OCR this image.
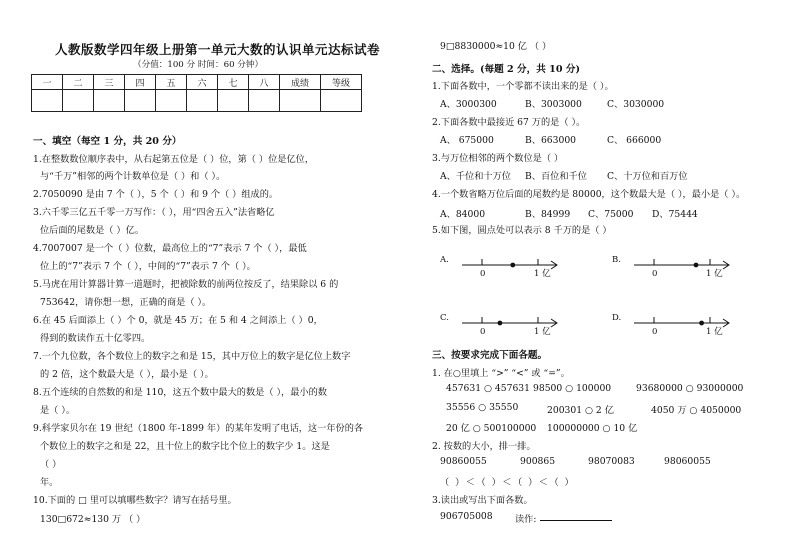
人教版数学四年级上册第一单元大数的认识单元达标试卷
（分值：100 分 时间：60 分钟）
一	二	三	四	五	六	七	八	成绩	等级

一、填空（每空 1 分，共 20 分）
1.在整数数位顺序表中，从右起第五位是（ ）位，第（ ）位是亿位，
与“千万”相邻的两个计数单位是（ ）和（ ）。
2.7050090 是由 7 个（ ），5 个（ ）和 9 个（ ）组成的。
3.六千零三亿五千零一万写作：（ ），用“四舍五入”法省略亿
位后面的尾数是（ ）亿。
4.7007007 是一个（ ）位数，最高位上的“7”表示 7 个（ ），最低
位上的“7”表示 7 个（ ），中间的“7”表示 7 个（ ）。
5.马虎在用计算器计算一道题时，把被除数的前两位按反了，结果除以 6 的
753642，请你想一想，正确的商是（ ）。
6.在 45 后面添上（ ）个 0，就是 45 万；在 5 和 4 之间添上（ ）0，
得到的数读作五十亿零四。
7.一个九位数，各个数位上的数字之和是 15，其中万位上的数字是亿位上数字
的 2 倍，这个数最大是（ ），最小是（ ）。
8.五个连续的自然数的和是 110，这五个数中最大的数是（ ），最小的数
是（ ）。
9.科学家贝尔在 19 世纪（1800 年-1899 年）的某年发明了电话，这一年份的各
个数位上的数字之和是 22，且十位上的数字比个位上的数字少 1。这是
（ ）
年。
10.下面的 □ 里可以填哪些数字？请写在括号里。
130□672≈130 万 （ ）
9□8830000≈10 亿 （ ）
二、选择。(每题 2 分，共 10 分)
1.下面各数中，一个零都不读出来的是（ ）。
A、3000300	B、3003000	C、3030000
2.下面各数中最接近 67 万的是（ ）。
A、 675000	B、663000	C、 666000
3.与万位相邻的两个数位是（ ）
A、千位和十万位 B、百位和千位 C、十万位和百万位
4.一个数省略万位后面的尾数约是 80000，这个数最大是（ ），最小是（ ）。
A、84000	B、84999 C、75000 D、75444
5.如下图，圆点处可以表示 8 千万的是（ ）
A.
0	1 亿
B.
0	1 亿
C.
0	1 亿
D.
0	1 亿
三、按要求完成下面各题。
1. 在○里填上 “>” “<” 或 “=”。
457631 ○ 457631 98500 ○ 100000	93680000 ○ 93000000
35556 ○ 35550	200301 ○ 2 亿	4050 万 ○ 4050000
20 亿 ○ 500100000 100000000 ○ 10 亿
2. 按数的大小，排一排。
90860055	900865	98070083	98060055
（ ）＜（ ）＜（ ）＜（ ）
3.读出或写出下面各数。
906705008 读作:
